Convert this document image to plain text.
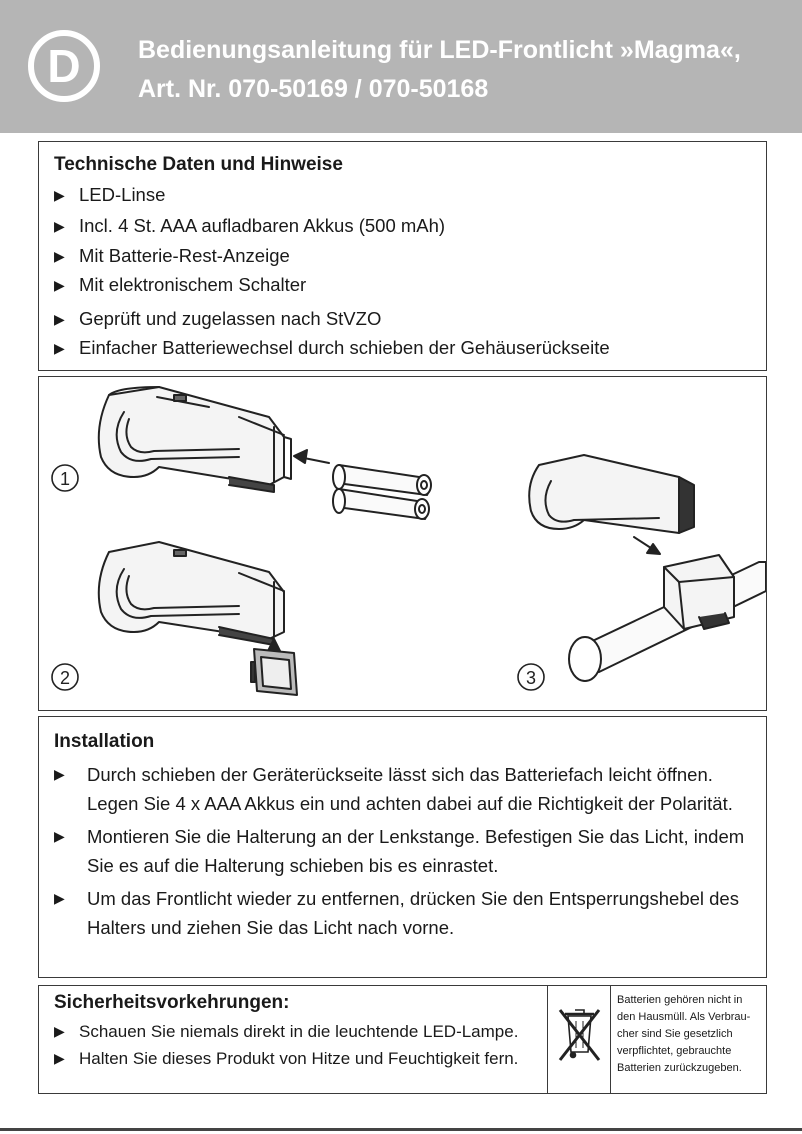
D	Bedienungsanleitung für LED-Frontlicht »Magma«,
Art. Nr. 070-50169 / 070-50168
Technische Daten und Hinweise
▶ LED-Linse
▶ Incl. 4 St. AAA aufladbaren Akkus (500 mAh)
▶ Mit Batterie-Rest-Anzeige
▶ Mit elektronischem Schalter
▶ Geprüft und zugelassen nach StVZO
▶ Einfacher Batteriewechsel durch schieben der Gehäuserückseite
1
2	3
Installation
▶ Durch schieben der Geräterückseite lässt sich das Batteriefach leicht öffnen.
Legen Sie 4 x AAA Akkus ein und achten dabei auf die Richtigkeit der Polarität.
▶ Montieren Sie die Halterung an der Lenkstange. Befestigen Sie das Licht, indem
Sie es auf die Halterung schieben bis es einrastet.
▶ Um das Frontlicht wieder zu entfernen, drücken Sie den Entsperrungshebel des
Halters und ziehen Sie das Licht nach vorne.
Sicherheitsvorkehrungen:
▶ Schauen Sie niemals direkt in die leuchtende LED-Lampe.
▶ Halten Sie dieses Produkt von Hitze und Feuchtigkeit fern.
Batterien gehören nicht in
den Hausmüll. Als Verbrau-
cher sind Sie gesetzlich
verpflichtet, gebrauchte
Batterien zurückzugeben.
